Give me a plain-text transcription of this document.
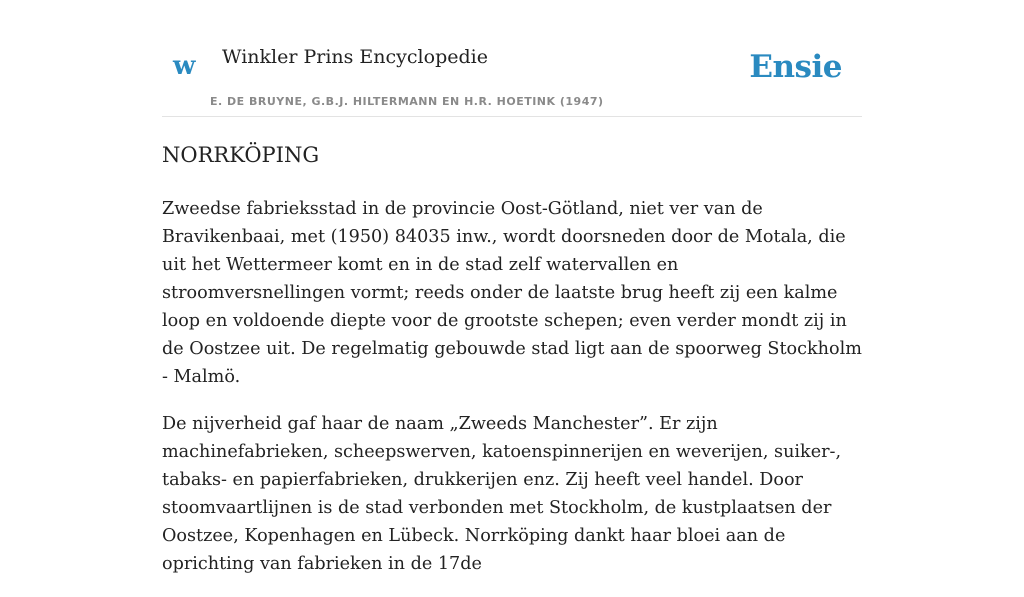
w Winkler Prins Encyclopedie
E. DE BRUYNE, G.B.J. HILTERMANN EN H.R. HOETINK (1947)
Ensie
NORRKÖPING

Zweedse fabrieksstad in de provincie Oost-Götland, niet ver van de Bravikenbaai, met (1950) 84035 inw., wordt doorsneden door de Motala, die uit het Wettermeer komt en in de stad zelf watervallen en stroomversnellingen vormt; reeds onder de laatste brug heeft zij een kalme loop en voldoende diepte voor de grootste schepen; even verder mondt zij in de Oostzee uit. De regelmatig gebouwde stad ligt aan de spoorweg Stockholm - Malmö.

De nijverheid gaf haar de naam „Zweeds Manchester”. Er zijn machinefabrieken, scheepswerven, katoenspinnerijen en weverijen, suiker-, tabaks- en papierfabrieken, drukkerijen enz. Zij heeft veel handel. Door stoomvaartlijnen is de stad verbonden met Stockholm, de kustplaatsen der Oostzee, Kopenhagen en Lübeck. Norrköping dankt haar bloei aan de oprichting van fabrieken in de 17de
